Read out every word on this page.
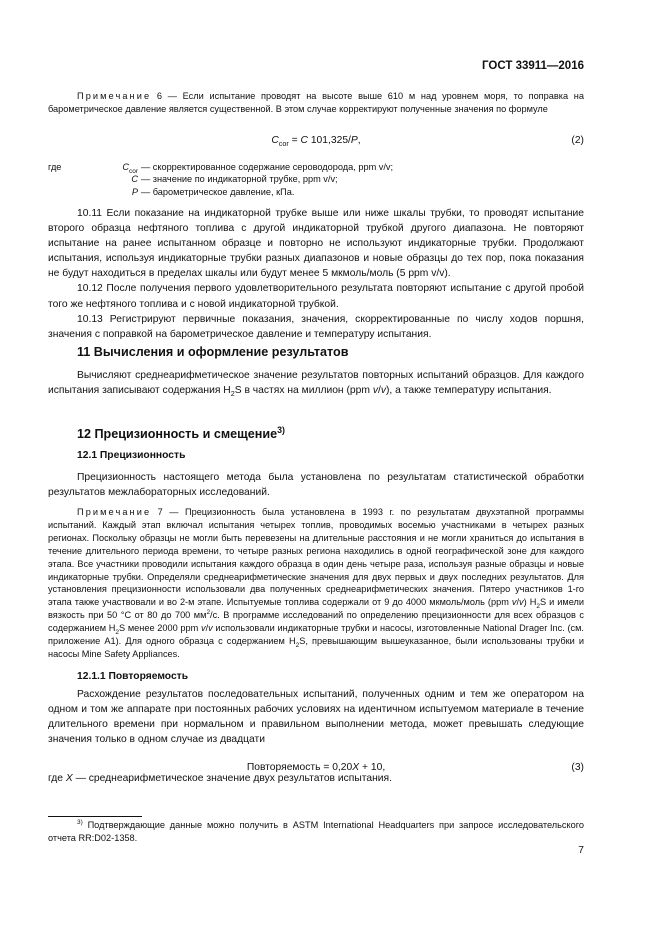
ГОСТ 33911—2016

Примечание 6 — Если испытание проводят на высоте выше 610 м над уровнем моря, то поправка на барометрическое давление является существенной. В этом случае корректируют полученные значения по формуле

$C_{cor} = C$ 101,325/P,	(2)
где	$C_{cor}$ — скорректированное содержание сероводорода, ppm v/v;
C — значение по индикаторной трубке, ppm v/v;
P — барометрическое давление, кПа.

10.11 Если показание на индикаторной трубке выше или ниже шкалы трубки, то проводят испытание второго образца нефтяного топлива с другой индикаторной трубкой другого диапазона. Не повторяют испытание на ранее испытанном образце и повторно не используют индикаторные трубки. Продолжают испытания, используя индикаторные трубки разных диапазонов и новые образцы до тех пор, пока показания не будут находиться в пределах шкалы или будут менее 5 мкмоль/моль (5 ppm v/v).

10.12 После получения первого удовлетворительного результата повторяют испытание с другой пробой того же нефтяного топлива и с новой индикаторной трубкой.

10.13 Регистрируют первичные показания, значения, скорректированные по числу ходов поршня, значения с поправкой на барометрическое давление и температуру испытания.

11 Вычисления и оформление результатов

Вычисляют среднеарифметическое значение результатов повторных испытаний образцов. Для каждого испытания записывают содержания $H_2S$ в частях на миллион (ppm v/v), а также температуру испытания.

12 Прецизионность и смещение$^{3)}$
12.1 Прецизионность

Прецизионность настоящего метода была установлена по результатам статистической обработки результатов межлабораторных исследований.

Примечание 7 — Прецизионность была установлена в 1993 г. по результатам двухэтапной программы испытаний. Каждый этап включал испытания четырех топлив, проводимых восемью участниками в четырех разных регионах. Поскольку образцы не могли быть перевезены на длительные расстояния и не могли храниться до испытания в течение длительного периода времени, то четыре разных региона находились в одной географической зоне для каждого этапа. Все участники проводили испытания каждого образца в один день четыре раза, используя разные образцы и новые индикаторные трубки. Определяли среднеарифметические значения для двух первых и двух последних результатов. Для установления прецизионности использовали два полученных среднеарифметических значения. Пятеро участников 1-го этапа также участвовали и во 2-м этапе. Испытуемые топлива содержали от 9 до 4000 мкмоль/моль (ppm v/v) $H_2S$ и имели вязкость при 50 °С от 80 до 700 $мм^2/с$. В программе исследований по определению прецизионности для всех образцов с содержанием $H_2S$ менее 2000 ppm v/v использовали индикаторные трубки и насосы, изготовленные National Drager Inc. (см. приложение А1). Для одного образца с содержанием $H_2S$, превышающим вышеуказанное, были использованы трубки и насосы Mine Safety Appliances.

12.1.1 Повторяемость

Расхождение результатов последовательных испытаний, полученных одним и тем же оператором на одном и том же аппарате при постоянных рабочих условиях на идентичном испытуемом материале в течение длительного времени при нормальном и правильном выполнении метода, может превышать следующие значения только в одном случае из двадцати

Повторяемость = 0,20X + 10,	(3)
где X — среднеарифметическое значение двух результатов испытания.
$^{3)}$ Подтверждающие данные можно получить в ASTM International Headquarters при запросе исследовательского отчета RR:D02-1358.
7
